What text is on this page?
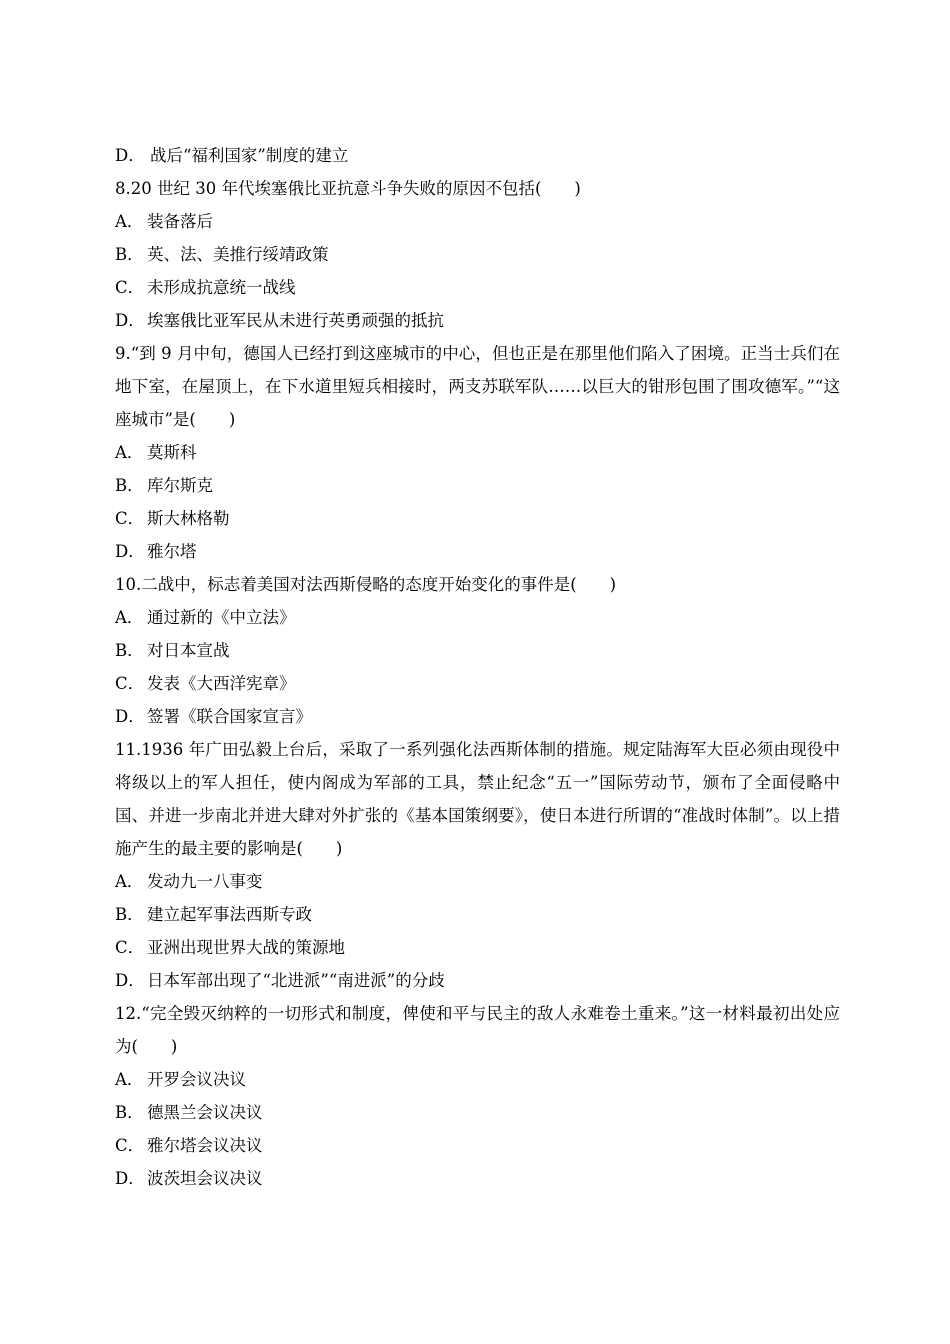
D． 战后“福利国家”制度的建立
8.20 世纪 30 年代埃塞俄比亚抗意斗争失败的原因不包括(　　)
A． 装备落后
B． 英、法、美推行绥靖政策
C． 未形成抗意统一战线
D． 埃塞俄比亚军民从未进行英勇顽强的抵抗
9.“到 9 月中旬，德国人已经打到这座城市的中心，但也正是在那里他们陷入了困境。正当士兵们在地下室，在屋顶上，在下水道里短兵相接时，两支苏联军队……以巨大的钳形包围了围攻德军。”“这座城市”是(　　)
A． 莫斯科
B． 库尔斯克
C． 斯大林格勒
D． 雅尔塔
10.二战中，标志着美国对法西斯侵略的态度开始变化的事件是(　　)
A． 通过新的《中立法》
B． 对日本宣战
C． 发表《大西洋宪章》
D． 签署《联合国家宣言》
11.1936 年广田弘毅上台后，采取了一系列强化法西斯体制的措施。规定陆海军大臣必须由现役中将级以上的军人担任，使内阁成为军部的工具，禁止纪念“五一”国际劳动节，颁布了全面侵略中国、并进一步南北并进大肆对外扩张的《基本国策纲要》，使日本进行所谓的“准战时体制”。以上措施产生的最主要的影响是(　　)
A． 发动九一八事变
B． 建立起军事法西斯专政
C． 亚洲出现世界大战的策源地
D． 日本军部出现了“北进派”“南进派”的分歧
12.“完全毁灭纳粹的一切形式和制度，俾使和平与民主的敌人永难卷土重来。”这一材料最初出处应为(　　)
A． 开罗会议决议
B． 德黑兰会议决议
C． 雅尔塔会议决议
D． 波茨坦会议决议
